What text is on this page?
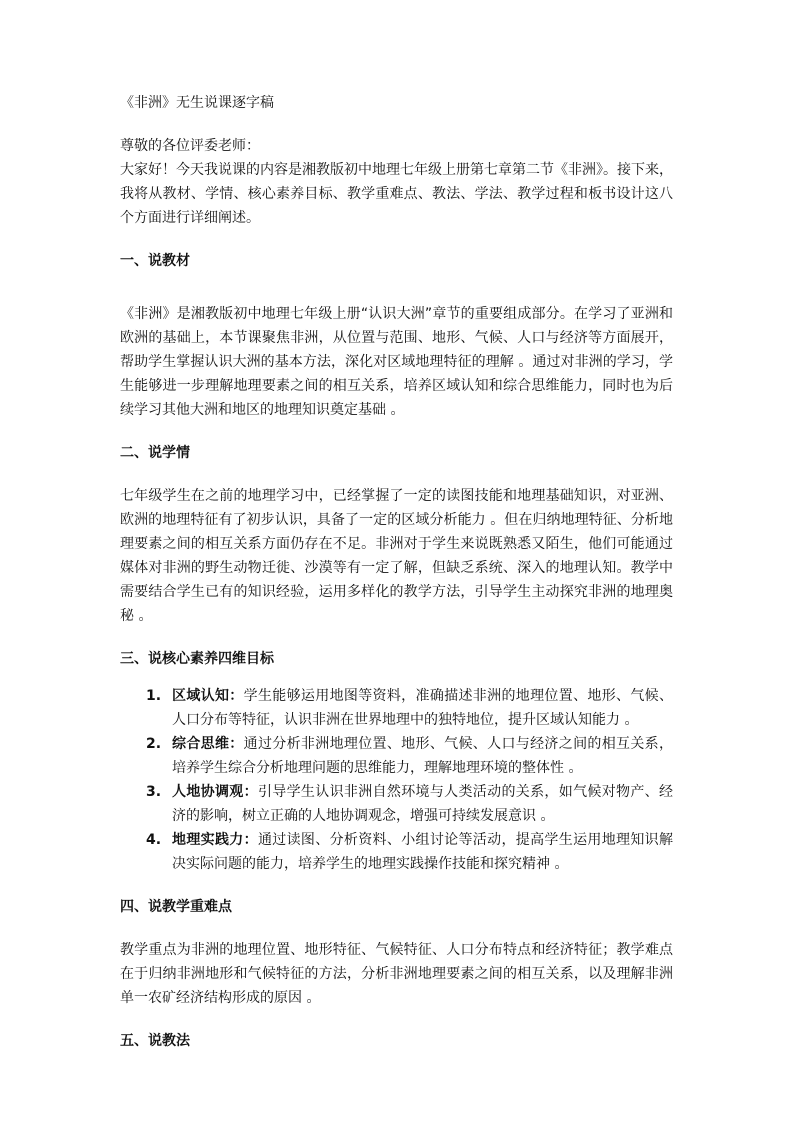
《非洲》无生说课逐字稿

尊敬的各位评委老师：

大家好！今天我说课的内容是湘教版初中地理七年级上册第七章第二节《非洲》。接下来，我将从教材、学情、核心素养目标、教学重难点、教法、学法、教学过程和板书设计这八个方面进行详细阐述。

一、说教材

《非洲》是湘教版初中地理七年级上册“认识大洲”章节的重要组成部分。在学习了亚洲和欧洲的基础上，本节课聚焦非洲，从位置与范围、地形、气候、人口与经济等方面展开，帮助学生掌握认识大洲的基本方法，深化对区域地理特征的理解 。通过对非洲的学习，学生能够进一步理解地理要素之间的相互关系，培养区域认知和综合思维能力，同时也为后续学习其他大洲和地区的地理知识奠定基础 。

二、说学情

七年级学生在之前的地理学习中，已经掌握了一定的读图技能和地理基础知识，对亚洲、欧洲的地理特征有了初步认识，具备了一定的区域分析能力 。但在归纳地理特征、分析地理要素之间的相互关系方面仍存在不足。非洲对于学生来说既熟悉又陌生，他们可能通过媒体对非洲的野生动物迁徙、沙漠等有一定了解，但缺乏系统、深入的地理认知。教学中需要结合学生已有的知识经验，运用多样化的教学方法，引导学生主动探究非洲的地理奥秘 。

三、说核心素养四维目标

1. 区域认知：学生能够运用地图等资料，准确描述非洲的地理位置、地形、气候、人口分布等特征，认识非洲在世界地理中的独特地位，提升区域认知能力 。
2. 综合思维：通过分析非洲地理位置、地形、气候、人口与经济之间的相互关系，培养学生综合分析地理问题的思维能力，理解地理环境的整体性 。
3. 人地协调观：引导学生认识非洲自然环境与人类活动的关系，如气候对物产、经济的影响，树立正确的人地协调观念，增强可持续发展意识 。
4. 地理实践力：通过读图、分析资料、小组讨论等活动，提高学生运用地理知识解决实际问题的能力，培养学生的地理实践操作技能和探究精神 。

四、说教学重难点

教学重点为非洲的地理位置、地形特征、气候特征、人口分布特点和经济特征；教学难点在于归纳非洲地形和气候特征的方法，分析非洲地理要素之间的相互关系，以及理解非洲单一农矿经济结构形成的原因 。

五、说教法
